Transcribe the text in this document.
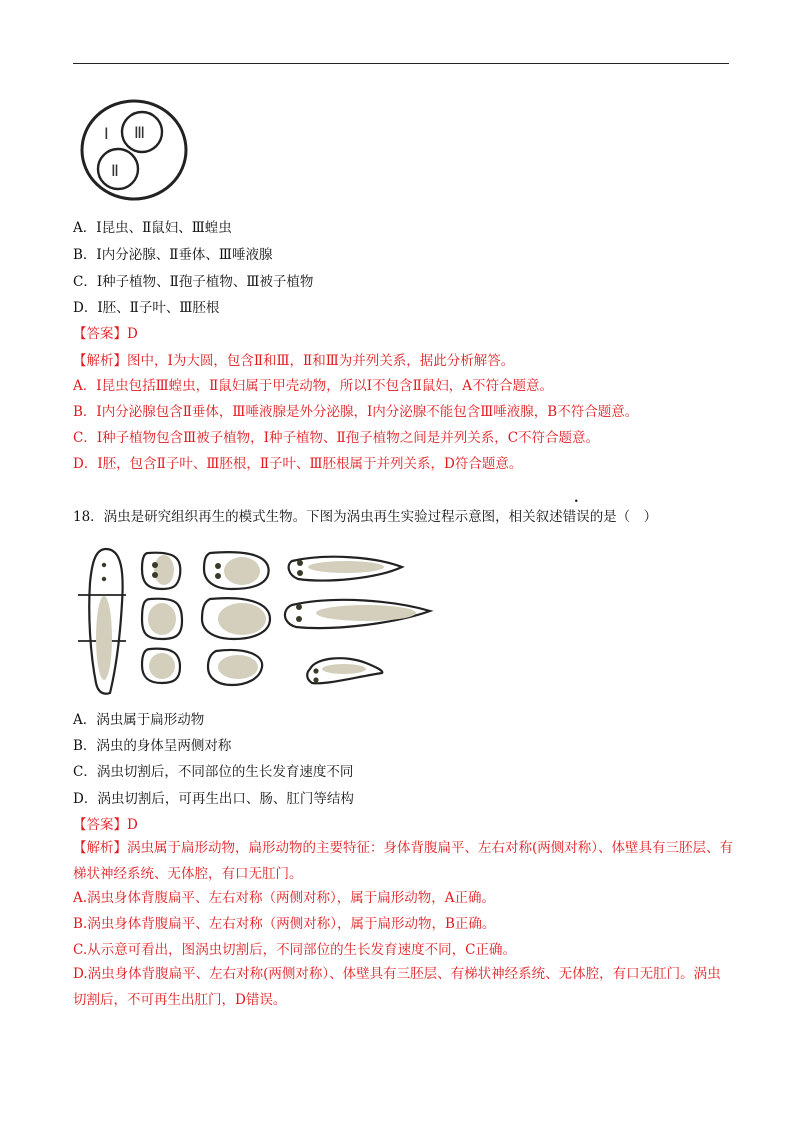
Ⅰ Ⅲ
Ⅱ
A．Ⅰ昆虫、Ⅱ鼠妇、Ⅲ蝗虫
B．Ⅰ内分泌腺、Ⅱ垂体、Ⅲ唾液腺
C．Ⅰ种子植物、Ⅱ孢子植物、Ⅲ被子植物
D．Ⅰ胚、Ⅱ子叶、Ⅲ胚根
【答案】D
【解析】图中，Ⅰ为大圆，包含Ⅱ和Ⅲ，Ⅱ和Ⅲ为并列关系，据此分析解答。
A．Ⅰ昆虫包括Ⅲ蝗虫，Ⅱ鼠妇属于甲壳动物，所以Ⅰ不包含Ⅱ鼠妇，A不符合题意。
B．Ⅰ内分泌腺包含Ⅱ垂体，Ⅲ唾液腺是外分泌腺，Ⅰ内分泌腺不能包含Ⅲ唾液腺，B不符合题意。
C．Ⅰ种子植物包含Ⅲ被子植物，Ⅰ种子植物、Ⅱ孢子植物之间是并列关系，C不符合题意。
D．Ⅰ胚，包含Ⅱ子叶、Ⅲ胚根，Ⅱ子叶、Ⅲ胚根属于并列关系，D符合题意。
18．涡虫是研究组织再生的模式生物。下图为涡虫再生实验过程示意图，相关叙述错误的是（　）
A．涡虫属于扁形动物
B．涡虫的身体呈两侧对称
C．涡虫切割后，不同部位的生长发育速度不同
D．涡虫切割后，可再生出口、肠、肛门等结构
【答案】D
【解析】涡虫属于扁形动物，扁形动物的主要特征：身体背腹扁平、左右对称(两侧对称）、体壁具有三胚层、有梯状神经系统、无体腔，有口无肛门。
A.涡虫身体背腹扁平、左右对称（两侧对称），属于扁形动物，A正确。
B.涡虫身体背腹扁平、左右对称（两侧对称），属于扁形动物，B正确。
C.从示意可看出，图涡虫切割后，不同部位的生长发育速度不同，C正确。
D.涡虫身体背腹扁平、左右对称(两侧对称）、体壁具有三胚层、有梯状神经系统、无体腔，有口无肛门。涡虫切割后，不可再生出肛门，D错误。
